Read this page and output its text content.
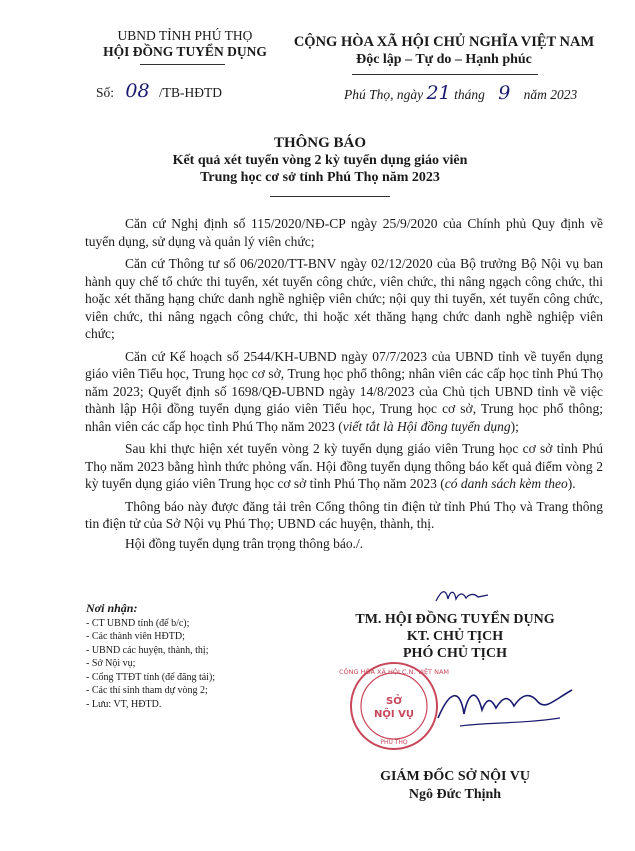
UBND TỈNH PHÚ THỌ
HỘI ĐỒNG TUYỂN DỤNG
CỘNG HÒA XÃ HỘI CHỦ NGHĨA VIỆT NAM
Độc lập – Tự do – Hạnh phúc
Số: 08 /TB-HĐTD	Phú Thọ, ngày 21 tháng 9 năm 2023
THÔNG BÁO
Kết quả xét tuyển vòng 2 kỳ tuyển dụng giáo viên
Trung học cơ sở tỉnh Phú Thọ năm 2023

Căn cứ Nghị định số 115/2020/NĐ-CP ngày 25/9/2020 của Chính phủ Quy định về tuyển dụng, sử dụng và quản lý viên chức;

Căn cứ Thông tư số 06/2020/TT-BNV ngày 02/12/2020 của Bộ trưởng Bộ Nội vụ ban hành quy chế tổ chức thi tuyển, xét tuyển công chức, viên chức, thi nâng ngạch công chức, thi hoặc xét thăng hạng chức danh nghề nghiệp viên chức; nội quy thi tuyển, xét tuyển công chức, viên chức, thi nâng ngạch công chức, thi hoặc xét thăng hạng chức danh nghề nghiệp viên chức;

Căn cứ Kế hoạch số 2544/KH-UBND ngày 07/7/2023 của UBND tỉnh về tuyển dụng giáo viên Tiểu học, Trung học cơ sở, Trung học phổ thông; nhân viên các cấp học tỉnh Phú Thọ năm 2023; Quyết định số 1698/QĐ-UBND ngày 14/8/2023 của Chủ tịch UBND tỉnh về việc thành lập Hội đồng tuyển dụng giáo viên Tiểu học, Trung học cơ sở, Trung học phổ thông; nhân viên các cấp học tỉnh Phú Thọ năm 2023 (viết tắt là Hội đồng tuyển dụng);

Sau khi thực hiện xét tuyển vòng 2 kỳ tuyển dụng giáo viên Trung học cơ sở tỉnh Phú Thọ năm 2023 bằng hình thức phỏng vấn. Hội đồng tuyển dụng thông báo kết quả điểm vòng 2 kỳ tuyển dụng giáo viên Trung học cơ sở tỉnh Phú Thọ năm 2023 (có danh sách kèm theo).

Thông báo này được đăng tải trên Cổng thông tin điện tử tỉnh Phú Thọ và Trang thông tin điện tử của Sở Nội vụ Phú Thọ; UBND các huyện, thành, thị.

Hội đồng tuyển dụng trân trọng thông báo./.

Nơi nhận:
- CT UBND tỉnh (để b/c);
- Các thành viên HĐTD;
- UBND các huyện, thành, thị;
- Sở Nội vụ;
- Cổng TTĐT tỉnh (để đăng tải);
- Các thí sinh tham dự vòng 2;
- Lưu: VT, HĐTD.
TM. HỘI ĐỒNG TUYỂN DỤNG
KT. CHỦ TỊCH
PHÓ CHỦ TỊCH
CỘNG HÒA XÃ HỘI C.N. VIỆT NAM
SỞ
NỘI VỤ
PHÚ THỌ
GIÁM ĐỐC SỞ NỘI VỤ
Ngô Đức Thịnh
